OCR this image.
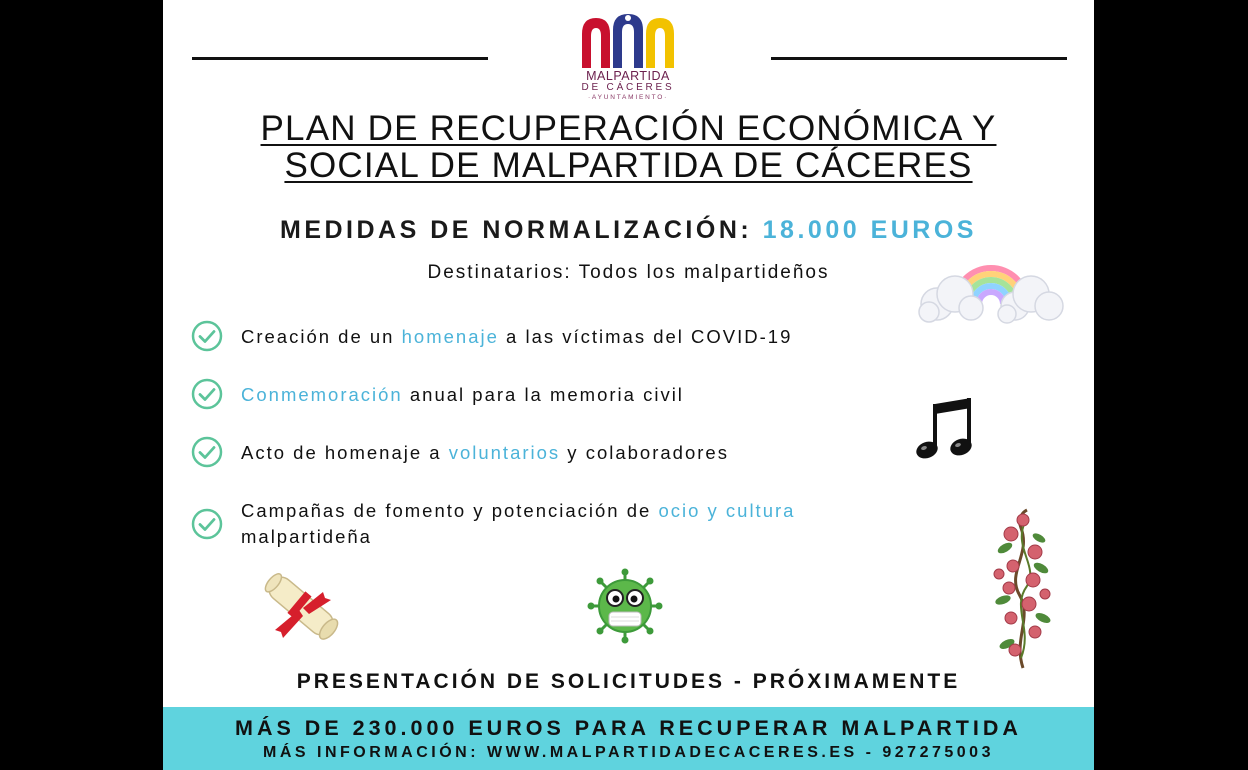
MALPARTIDA
DE CÁCERES
·AYUNTAMIENTO·
PLAN DE RECUPERACIÓN ECONÓMICA Y
SOCIAL DE MALPARTIDA DE CÁCERES
MEDIDAS DE NORMALIZACIÓN: 18.000 EUROS
Destinatarios: Todos los malpartideños
Creación de un homenaje a las víctimas del COVID-19
Conmemoración anual para la memoria civil
Acto de homenaje a voluntarios y colaboradores
Campañas de fomento y potenciación de ocio y cultura
malpartideña
PRESENTACIÓN DE SOLICITUDES - PRÓXIMAMENTE
MÁS DE 230.000 EUROS PARA RECUPERAR MALPARTIDA
MÁS INFORMACIÓN: WWW.MALPARTIDADECACERES.ES - 927275003
